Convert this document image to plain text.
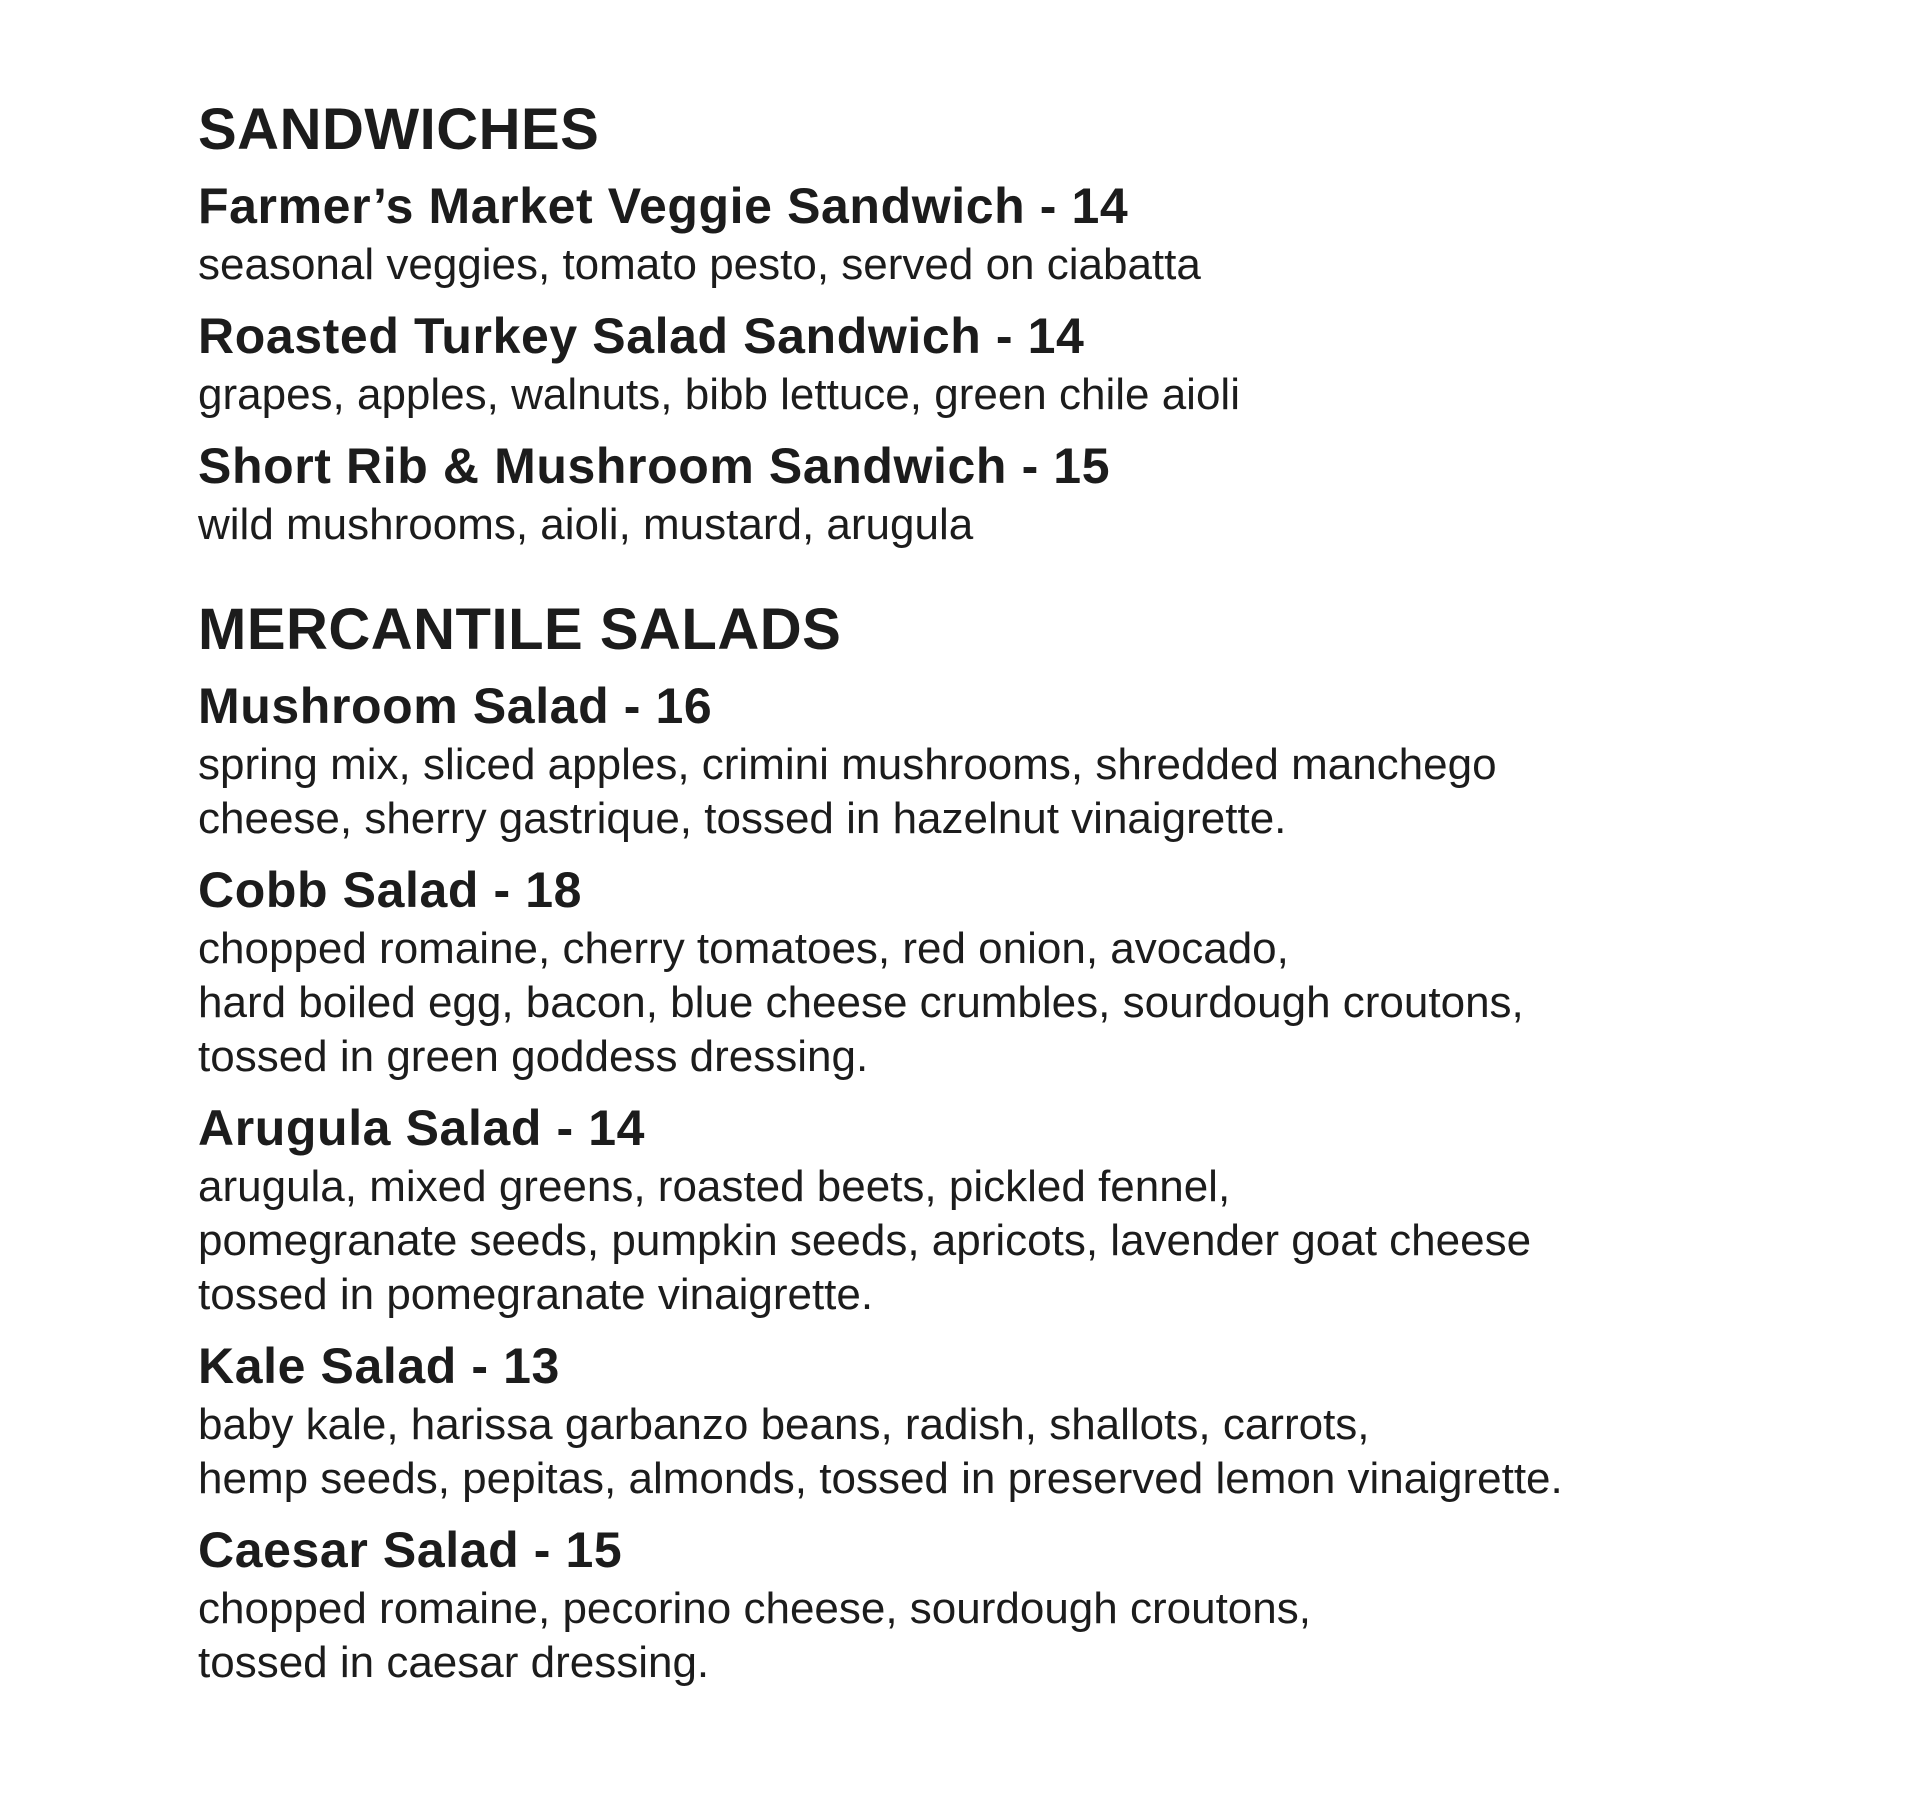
SANDWICHES
Farmer’s Market Veggie Sandwich - 14

seasonal veggies, tomato pesto, served on ciabatta

Roasted Turkey Salad Sandwich - 14

grapes, apples, walnuts, bibb lettuce, green chile aioli

Short Rib & Mushroom Sandwich - 15

wild mushrooms, aioli, mustard, arugula

MERCANTILE SALADS
Mushroom Salad - 16

spring mix, sliced apples, crimini mushrooms, shredded manchego
cheese, sherry gastrique, tossed in hazelnut vinaigrette.

Cobb Salad - 18

chopped romaine, cherry tomatoes, red onion, avocado,
hard boiled egg, bacon, blue cheese crumbles, sourdough croutons,
tossed in green goddess dressing.

Arugula Salad - 14

arugula, mixed greens, roasted beets, pickled fennel,
pomegranate seeds, pumpkin seeds, apricots, lavender goat cheese
tossed in pomegranate vinaigrette.

Kale Salad - 13

baby kale, harissa garbanzo beans, radish, shallots, carrots,
hemp seeds, pepitas, almonds, tossed in preserved lemon vinaigrette.

Caesar Salad - 15

chopped romaine, pecorino cheese, sourdough croutons,
tossed in caesar dressing.
